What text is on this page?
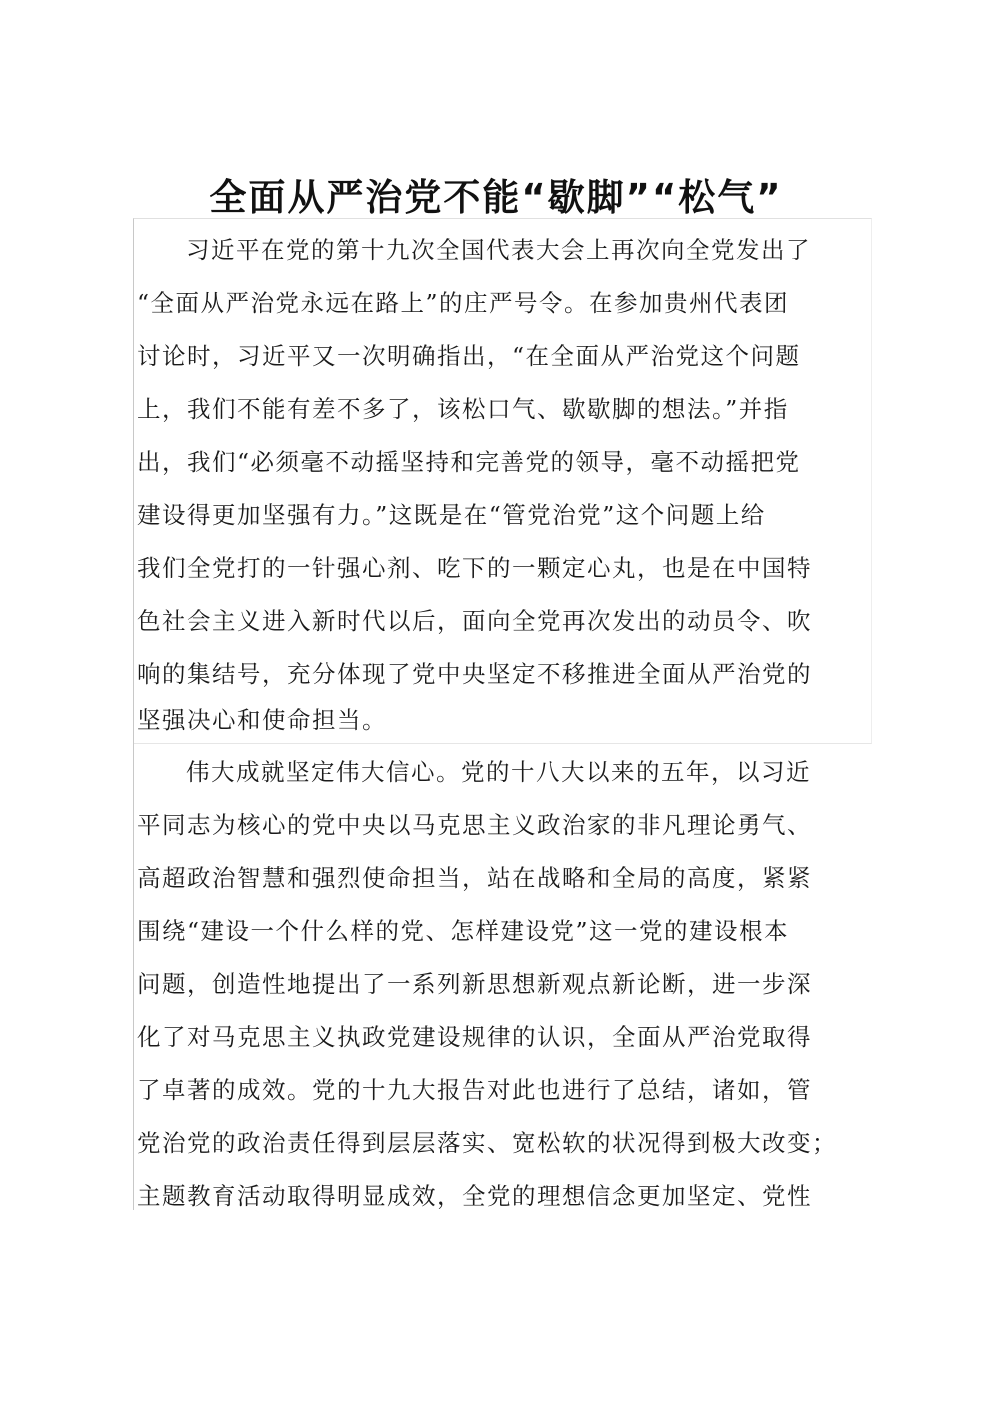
全面从严治党不能“歇脚”“松气”
习近平在党的第十九次全国代表大会上再次向全党发出了
“全面从严治党永远在路上”的庄严号令。在参加贵州代表团
讨论时，习近平又一次明确指出，“在全面从严治党这个问题
上，我们不能有差不多了，该松口气、歇歇脚的想法。”并指
出，我们“必须毫不动摇坚持和完善党的领导，毫不动摇把党
建设得更加坚强有力。”这既是在“管党治党”这个问题上给
我们全党打的一针强心剂、吃下的一颗定心丸，也是在中国特
色社会主义进入新时代以后，面向全党再次发出的动员令、吹
响的集结号，充分体现了党中央坚定不移推进全面从严治党的
坚强决心和使命担当。
伟大成就坚定伟大信心。党的十八大以来的五年，以习近
平同志为核心的党中央以马克思主义政治家的非凡理论勇气、
高超政治智慧和强烈使命担当，站在战略和全局的高度，紧紧
围绕“建设一个什么样的党、怎样建设党”这一党的建设根本
问题，创造性地提出了一系列新思想新观点新论断，进一步深
化了对马克思主义执政党建设规律的认识，全面从严治党取得
了卓著的成效。党的十九大报告对此也进行了总结，诸如，管
党治党的政治责任得到层层落实、宽松软的状况得到极大改变；
主题教育活动取得明显成效，全党的理想信念更加坚定、党性
